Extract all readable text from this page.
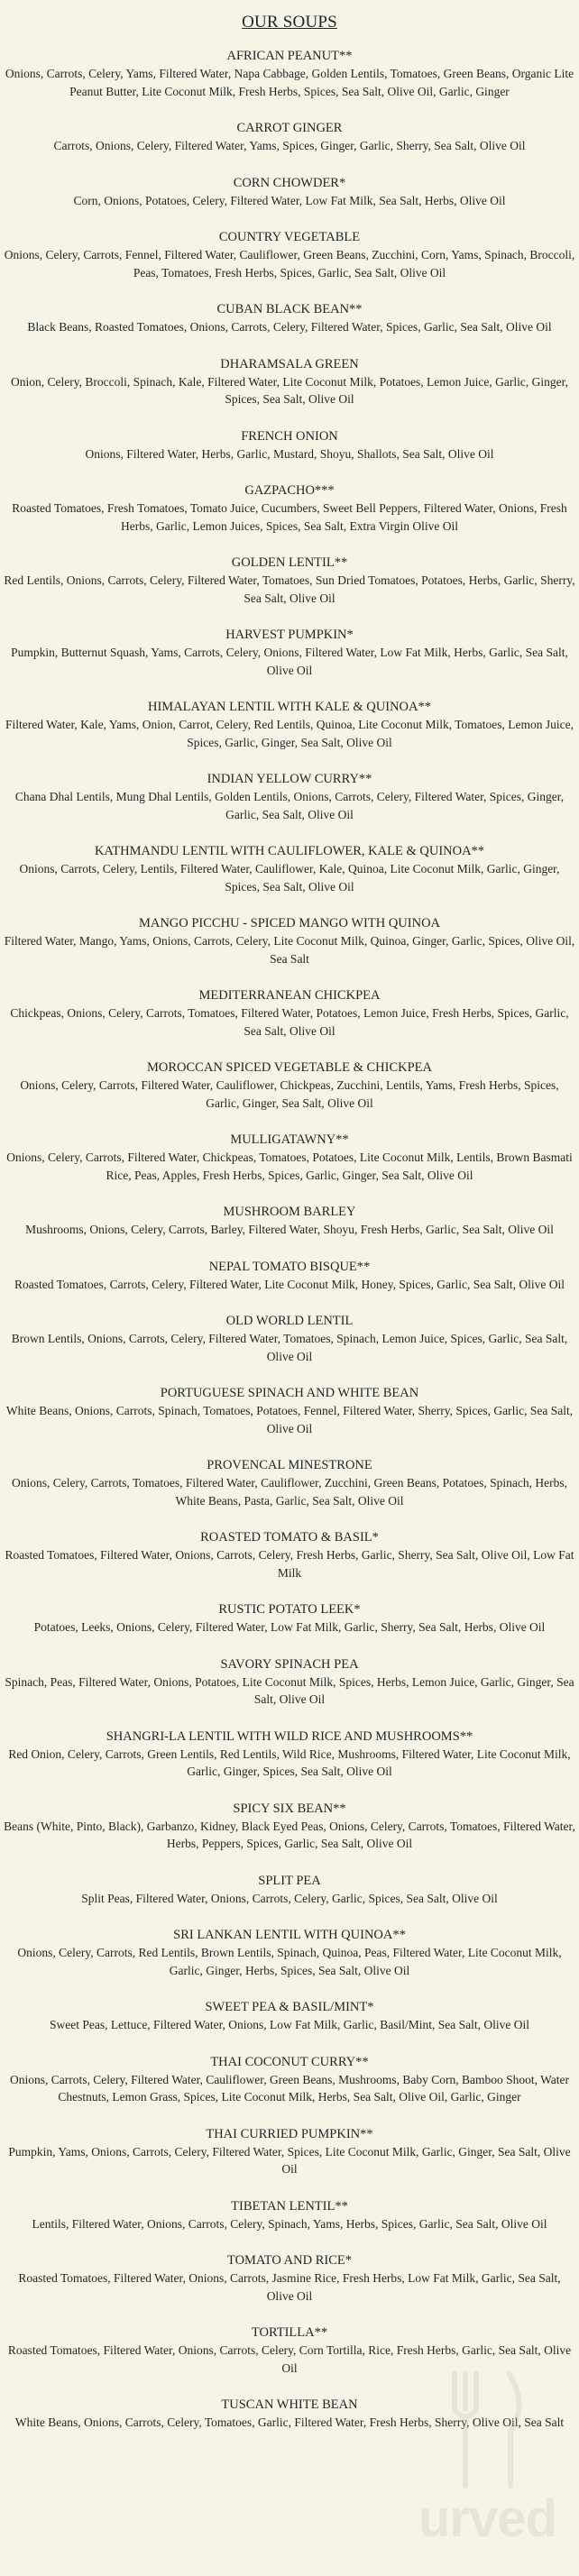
OUR SOUPS
AFRICAN PEANUT**
Onions, Carrots, Celery, Yams, Filtered Water, Napa Cabbage, Golden Lentils, Tomatoes, Green Beans, Organic Lite Peanut Butter, Lite Coconut Milk, Fresh Herbs, Spices, Sea Salt, Olive Oil, Garlic, Ginger
CARROT GINGER
Carrots, Onions, Celery, Filtered Water, Yams, Spices, Ginger, Garlic, Sherry, Sea Salt, Olive Oil
CORN CHOWDER*
Corn, Onions, Potatoes, Celery, Filtered Water, Low Fat Milk, Sea Salt, Herbs, Olive Oil
COUNTRY VEGETABLE
Onions, Celery, Carrots, Fennel, Filtered Water, Cauliflower, Green Beans, Zucchini, Corn, Yams, Spinach, Broccoli, Peas, Tomatoes, Fresh Herbs, Spices, Garlic, Sea Salt, Olive Oil
CUBAN BLACK BEAN**
Black Beans, Roasted Tomatoes, Onions, Carrots, Celery, Filtered Water, Spices, Garlic, Sea Salt, Olive Oil
DHARAMSALA GREEN
Onion, Celery, Broccoli, Spinach, Kale, Filtered Water, Lite Coconut Milk, Potatoes, Lemon Juice, Garlic, Ginger, Spices, Sea Salt, Olive Oil
FRENCH ONION
Onions, Filtered Water, Herbs, Garlic, Mustard, Shoyu, Shallots, Sea Salt, Olive Oil
GAZPACHO***
Roasted Tomatoes, Fresh Tomatoes, Tomato Juice, Cucumbers, Sweet Bell Peppers, Filtered Water, Onions, Fresh Herbs, Garlic, Lemon Juices, Spices, Sea Salt, Extra Virgin Olive Oil
GOLDEN LENTIL**
Red Lentils, Onions, Carrots, Celery, Filtered Water, Tomatoes, Sun Dried Tomatoes, Potatoes, Herbs, Garlic, Sherry, Sea Salt, Olive Oil
HARVEST PUMPKIN*
Pumpkin, Butternut Squash, Yams, Carrots, Celery, Onions, Filtered Water, Low Fat Milk, Herbs, Garlic, Sea Salt, Olive Oil
HIMALAYAN LENTIL WITH KALE & QUINOA**
Filtered Water, Kale, Yams, Onion, Carrot, Celery, Red Lentils, Quinoa, Lite Coconut Milk, Tomatoes, Lemon Juice, Spices, Garlic, Ginger, Sea Salt, Olive Oil
INDIAN YELLOW CURRY**
Chana Dhal Lentils, Mung Dhal Lentils, Golden Lentils, Onions, Carrots, Celery, Filtered Water, Spices, Ginger, Garlic, Sea Salt, Olive Oil
KATHMANDU LENTIL WITH CAULIFLOWER, KALE & QUINOA**
Onions, Carrots, Celery, Lentils, Filtered Water, Cauliflower, Kale, Quinoa, Lite Coconut Milk, Garlic, Ginger, Spices, Sea Salt, Olive Oil
MANGO PICCHU - SPICED MANGO WITH QUINOA
Filtered Water, Mango, Yams, Onions, Carrots, Celery, Lite Coconut Milk, Quinoa, Ginger, Garlic, Spices, Olive Oil, Sea Salt
MEDITERRANEAN CHICKPEA
Chickpeas, Onions, Celery, Carrots, Tomatoes, Filtered Water, Potatoes, Lemon Juice, Fresh Herbs, Spices, Garlic, Sea Salt, Olive Oil
MOROCCAN SPICED VEGETABLE & CHICKPEA
Onions, Celery, Carrots, Filtered Water, Cauliflower, Chickpeas, Zucchini, Lentils, Yams, Fresh Herbs, Spices, Garlic, Ginger, Sea Salt, Olive Oil
MULLIGATAWNY**
Onions, Celery, Carrots, Filtered Water, Chickpeas, Tomatoes, Potatoes, Lite Coconut Milk, Lentils, Brown Basmati Rice, Peas, Apples, Fresh Herbs, Spices, Garlic, Ginger, Sea Salt, Olive Oil
MUSHROOM BARLEY
Mushrooms, Onions, Celery, Carrots, Barley, Filtered Water, Shoyu, Fresh Herbs, Garlic, Sea Salt, Olive Oil
NEPAL TOMATO BISQUE**
Roasted Tomatoes, Carrots, Celery, Filtered Water, Lite Coconut Milk, Honey, Spices, Garlic, Sea Salt, Olive Oil
OLD WORLD LENTIL
Brown Lentils, Onions, Carrots, Celery, Filtered Water, Tomatoes, Spinach, Lemon Juice, Spices, Garlic, Sea Salt, Olive Oil
PORTUGUESE SPINACH AND WHITE BEAN
White Beans, Onions, Carrots, Spinach, Tomatoes, Potatoes, Fennel, Filtered Water, Sherry, Spices, Garlic, Sea Salt, Olive Oil
PROVENCAL MINESTRONE
Onions, Celery, Carrots, Tomatoes, Filtered Water, Cauliflower, Zucchini, Green Beans, Potatoes, Spinach, Herbs, White Beans, Pasta, Garlic, Sea Salt, Olive Oil
ROASTED TOMATO & BASIL*
Roasted Tomatoes, Filtered Water, Onions, Carrots, Celery, Fresh Herbs, Garlic, Sherry, Sea Salt, Olive Oil, Low Fat Milk
RUSTIC POTATO LEEK*
Potatoes, Leeks, Onions, Celery, Filtered Water, Low Fat Milk, Garlic, Sherry, Sea Salt, Herbs, Olive Oil
SAVORY SPINACH PEA
Spinach, Peas, Filtered Water, Onions, Potatoes, Lite Coconut Milk, Spices, Herbs, Lemon Juice, Garlic, Ginger, Sea Salt, Olive Oil
SHANGRI-LA LENTIL WITH WILD RICE AND MUSHROOMS**
Red Onion, Celery, Carrots, Green Lentils, Red Lentils, Wild Rice, Mushrooms, Filtered Water, Lite Coconut Milk, Garlic, Ginger, Spices, Sea Salt, Olive Oil
SPICY SIX BEAN**
Beans (White, Pinto, Black), Garbanzo, Kidney, Black Eyed Peas, Onions, Celery, Carrots, Tomatoes, Filtered Water, Herbs, Peppers, Spices, Garlic, Sea Salt, Olive Oil
SPLIT PEA
Split Peas, Filtered Water, Onions, Carrots, Celery, Garlic, Spices, Sea Salt, Olive Oil
SRI LANKAN LENTIL WITH QUINOA**
Onions, Celery, Carrots, Red Lentils, Brown Lentils, Spinach, Quinoa, Peas, Filtered Water, Lite Coconut Milk, Garlic, Ginger, Herbs, Spices, Sea Salt, Olive Oil
SWEET PEA & BASIL/MINT*
Sweet Peas, Lettuce, Filtered Water, Onions, Low Fat Milk, Garlic, Basil/Mint, Sea Salt, Olive Oil
THAI COCONUT CURRY**
Onions, Carrots, Celery, Filtered Water, Cauliflower, Green Beans, Mushrooms, Baby Corn, Bamboo Shoot, Water Chestnuts, Lemon Grass, Spices, Lite Coconut Milk, Herbs, Sea Salt, Olive Oil, Garlic, Ginger
THAI CURRIED PUMPKIN**
Pumpkin, Yams, Onions, Carrots, Celery, Filtered Water, Spices, Lite Coconut Milk, Garlic, Ginger, Sea Salt, Olive Oil
TIBETAN LENTIL**
Lentils, Filtered Water, Onions, Carrots, Celery, Spinach, Yams, Herbs, Spices, Garlic, Sea Salt, Olive Oil
TOMATO AND RICE*
Roasted Tomatoes, Filtered Water, Onions, Carrots, Jasmine Rice, Fresh Herbs, Low Fat Milk, Garlic, Sea Salt, Olive Oil
TORTILLA**
Roasted Tomatoes, Filtered Water, Onions, Carrots, Celery, Corn Tortilla, Rice, Fresh Herbs, Garlic, Sea Salt, Olive Oil
TUSCAN WHITE BEAN
White Beans, Onions, Carrots, Celery, Tomatoes, Garlic, Filtered Water, Fresh Herbs, Sherry, Olive Oil, Sea Salt
urved
